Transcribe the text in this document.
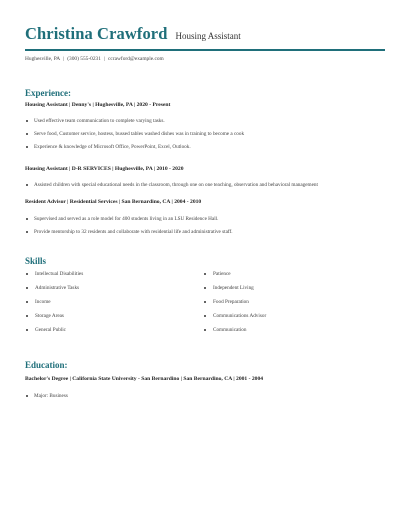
Christina Crawford Housing Assistant
Hughesville, PA | (300) 555-0231 | ccrawford@example.com
Experience:
Housing Assistant | Denny's | Hughesville, PA | 2020 - Present
Used effective team communication to complete varying tasks.
Serve food, Customer service, hostess, bussed tables washed dishes was in training to become a cook
Experience & knowledge of Microsoft Office, PowerPoint, Excel, Outlook.
Housing Assistant | D-R SERVICES | Hughesville, PA | 2010 - 2020
Assisted children with special educational needs in the classroom, through one on one teaching, observation and behavioral management
Resident Advisor | Residential Services | San Bernardino, CA | 2004 - 2010
Supervised and served as a role model for 400 students living in an LSU Residence Hall.
Provide mentorship to 32 residents and collaborate with residential life and administrative staff.
Skills
Intellectual Disabilities
Administrative Tasks
Income
Storage Areas
General Public
Patience
Independent Living
Food Preparation
Communications Advisor
Communication
Education:
Bachelor's Degree | California State University - San Bernardino | San Bernardino, CA | 2001 - 2004
Major: Business
